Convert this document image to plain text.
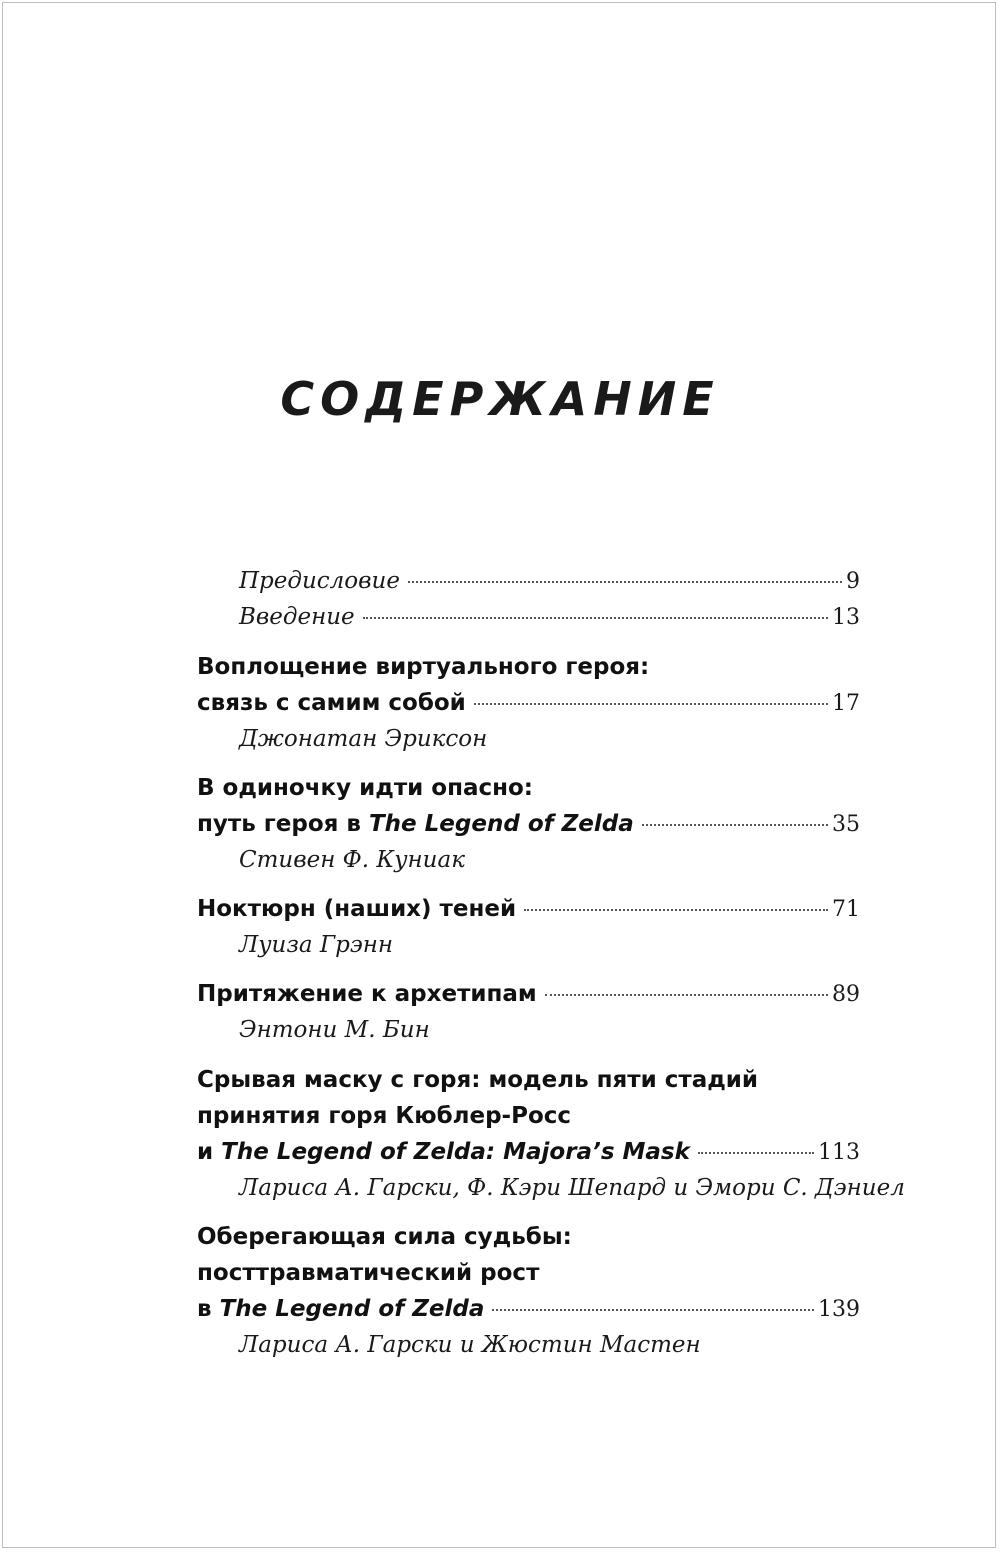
СОДЕРЖАНИЕ
Предисловие	9
Введение	13
Воплощение виртуального героя:
связь с самим собой	17
Джонатан Эриксон
В одиночку идти опасно:
путь героя в The Legend of Zelda	35
Стивен Ф. Куниак
Ноктюрн (наших) теней	71
Луиза Грэнн
Притяжение к архетипам	89
Энтони М. Бин
Срывая маску с горя: модель пяти стадий
принятия горя Кюблер-Росс
и The Legend of Zelda: Majora’s Mask	113
Лариса А. Гарски, Ф. Кэри Шепард и Эмори С. Дэниел
Оберегающая сила судьбы:
посттравматический рост
в The Legend of Zelda	139
Лариса А. Гарски и Жюстин Мастен
